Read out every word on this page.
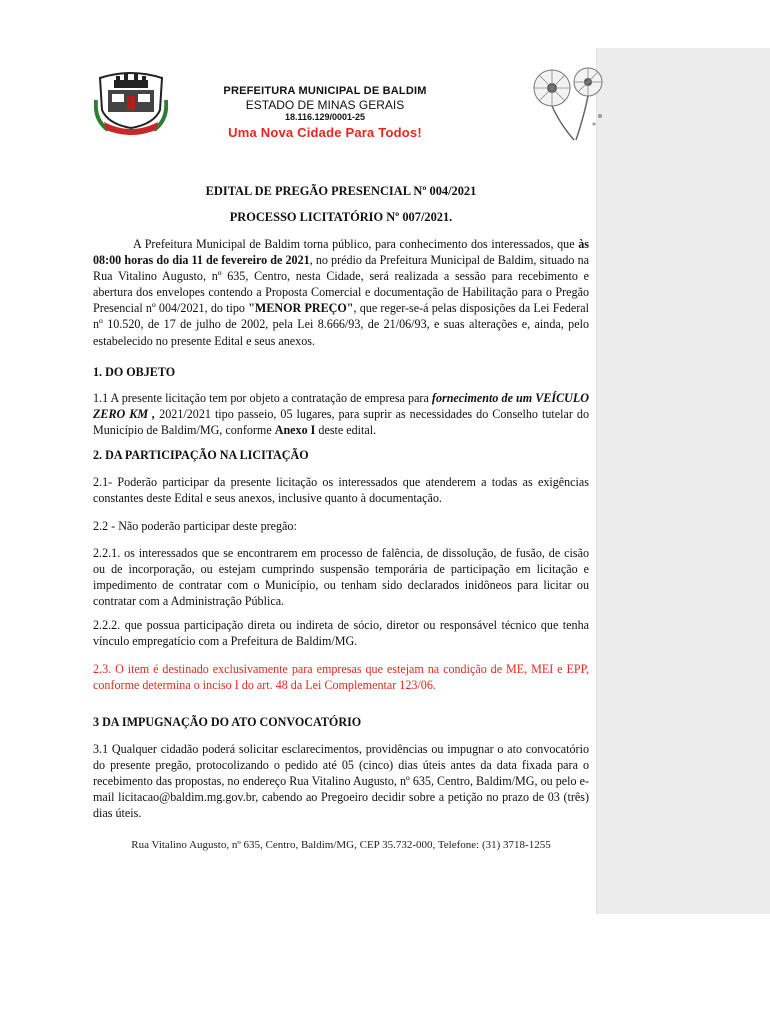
PREFEITURA MUNICIPAL DE BALDIM
ESTADO DE MINAS GERAIS
18.116.129/0001-25
Uma Nova Cidade Para Todos!
EDITAL DE PREGÃO PRESENCIAL Nº 004/2021
PROCESSO LICITATÓRIO Nº 007/2021.

A Prefeitura Municipal de Baldim torna público, para conhecimento dos interessados, que às 08:00 horas do dia 11 de fevereiro de 2021, no prédio da Prefeitura Municipal de Baldim, situado na Rua Vitalino Augusto, nº 635, Centro, nesta Cidade, será realizada a sessão para recebimento e abertura dos envelopes contendo a Proposta Comercial e documentação de Habilitação para o Pregão Presencial nº 004/2021, do tipo "MENOR PREÇO", que reger-se-á pelas disposições da Lei Federal nº 10.520, de 17 de julho de 2002, pela Lei 8.666/93, de 21/06/93, e suas alterações e, ainda, pelo estabelecido no presente Edital e seus anexos.

1. DO OBJETO

1.1 A presente licitação tem por objeto a contratação de empresa para fornecimento de um VEÍCULO ZERO KM , 2021/2021 tipo passeio, 05 lugares, para suprir as necessidades do Conselho tutelar do Município de Baldim/MG, conforme Anexo I deste edital.

2. DA PARTICIPAÇÃO NA LICITAÇÃO
2.1- Poderão participar da presente licitação os interessados que atenderem a todas as exigências constantes deste Edital e seus anexos, inclusive quanto à documentação.
2.2 - Não poderão participar deste pregão:
2.2.1. os interessados que se encontrarem em processo de falência, de dissolução, de fusão, de cisão ou de incorporação, ou estejam cumprindo suspensão temporária de participação em licitação e impedimento de contratar com o Município, ou tenham sido declarados inidôneos para licitar ou contratar com a Administração Pública.
2.2.2. que possua participação direta ou indireta de sócio, diretor ou responsável técnico que tenha vínculo empregatício com a Prefeitura de Baldim/MG.
2.3. O item é destinado exclusivamente para empresas que estejam na condição de ME, MEI e EPP, conforme determina o inciso I do art. 48 da Lei Complementar 123/06.
3 DA IMPUGNAÇÃO DO ATO CONVOCATÓRIO
3.1 Qualquer cidadão poderá solicitar esclarecimentos, providências ou impugnar o ato convocatório do presente pregão, protocolizando o pedido até 05 (cinco) dias úteis antes da data fixada para o recebimento das propostas, no endereço Rua Vitalino Augusto, nº 635, Centro, Baldim/MG, ou pelo e-mail licitacao@baldim.mg.gov.br, cabendo ao Pregoeiro decidir sobre a petição no prazo de 03 (três) dias úteis.
Rua Vitalino Augusto, nº 635, Centro, Baldim/MG, CEP 35.732-000, Telefone: (31) 3718-1255
